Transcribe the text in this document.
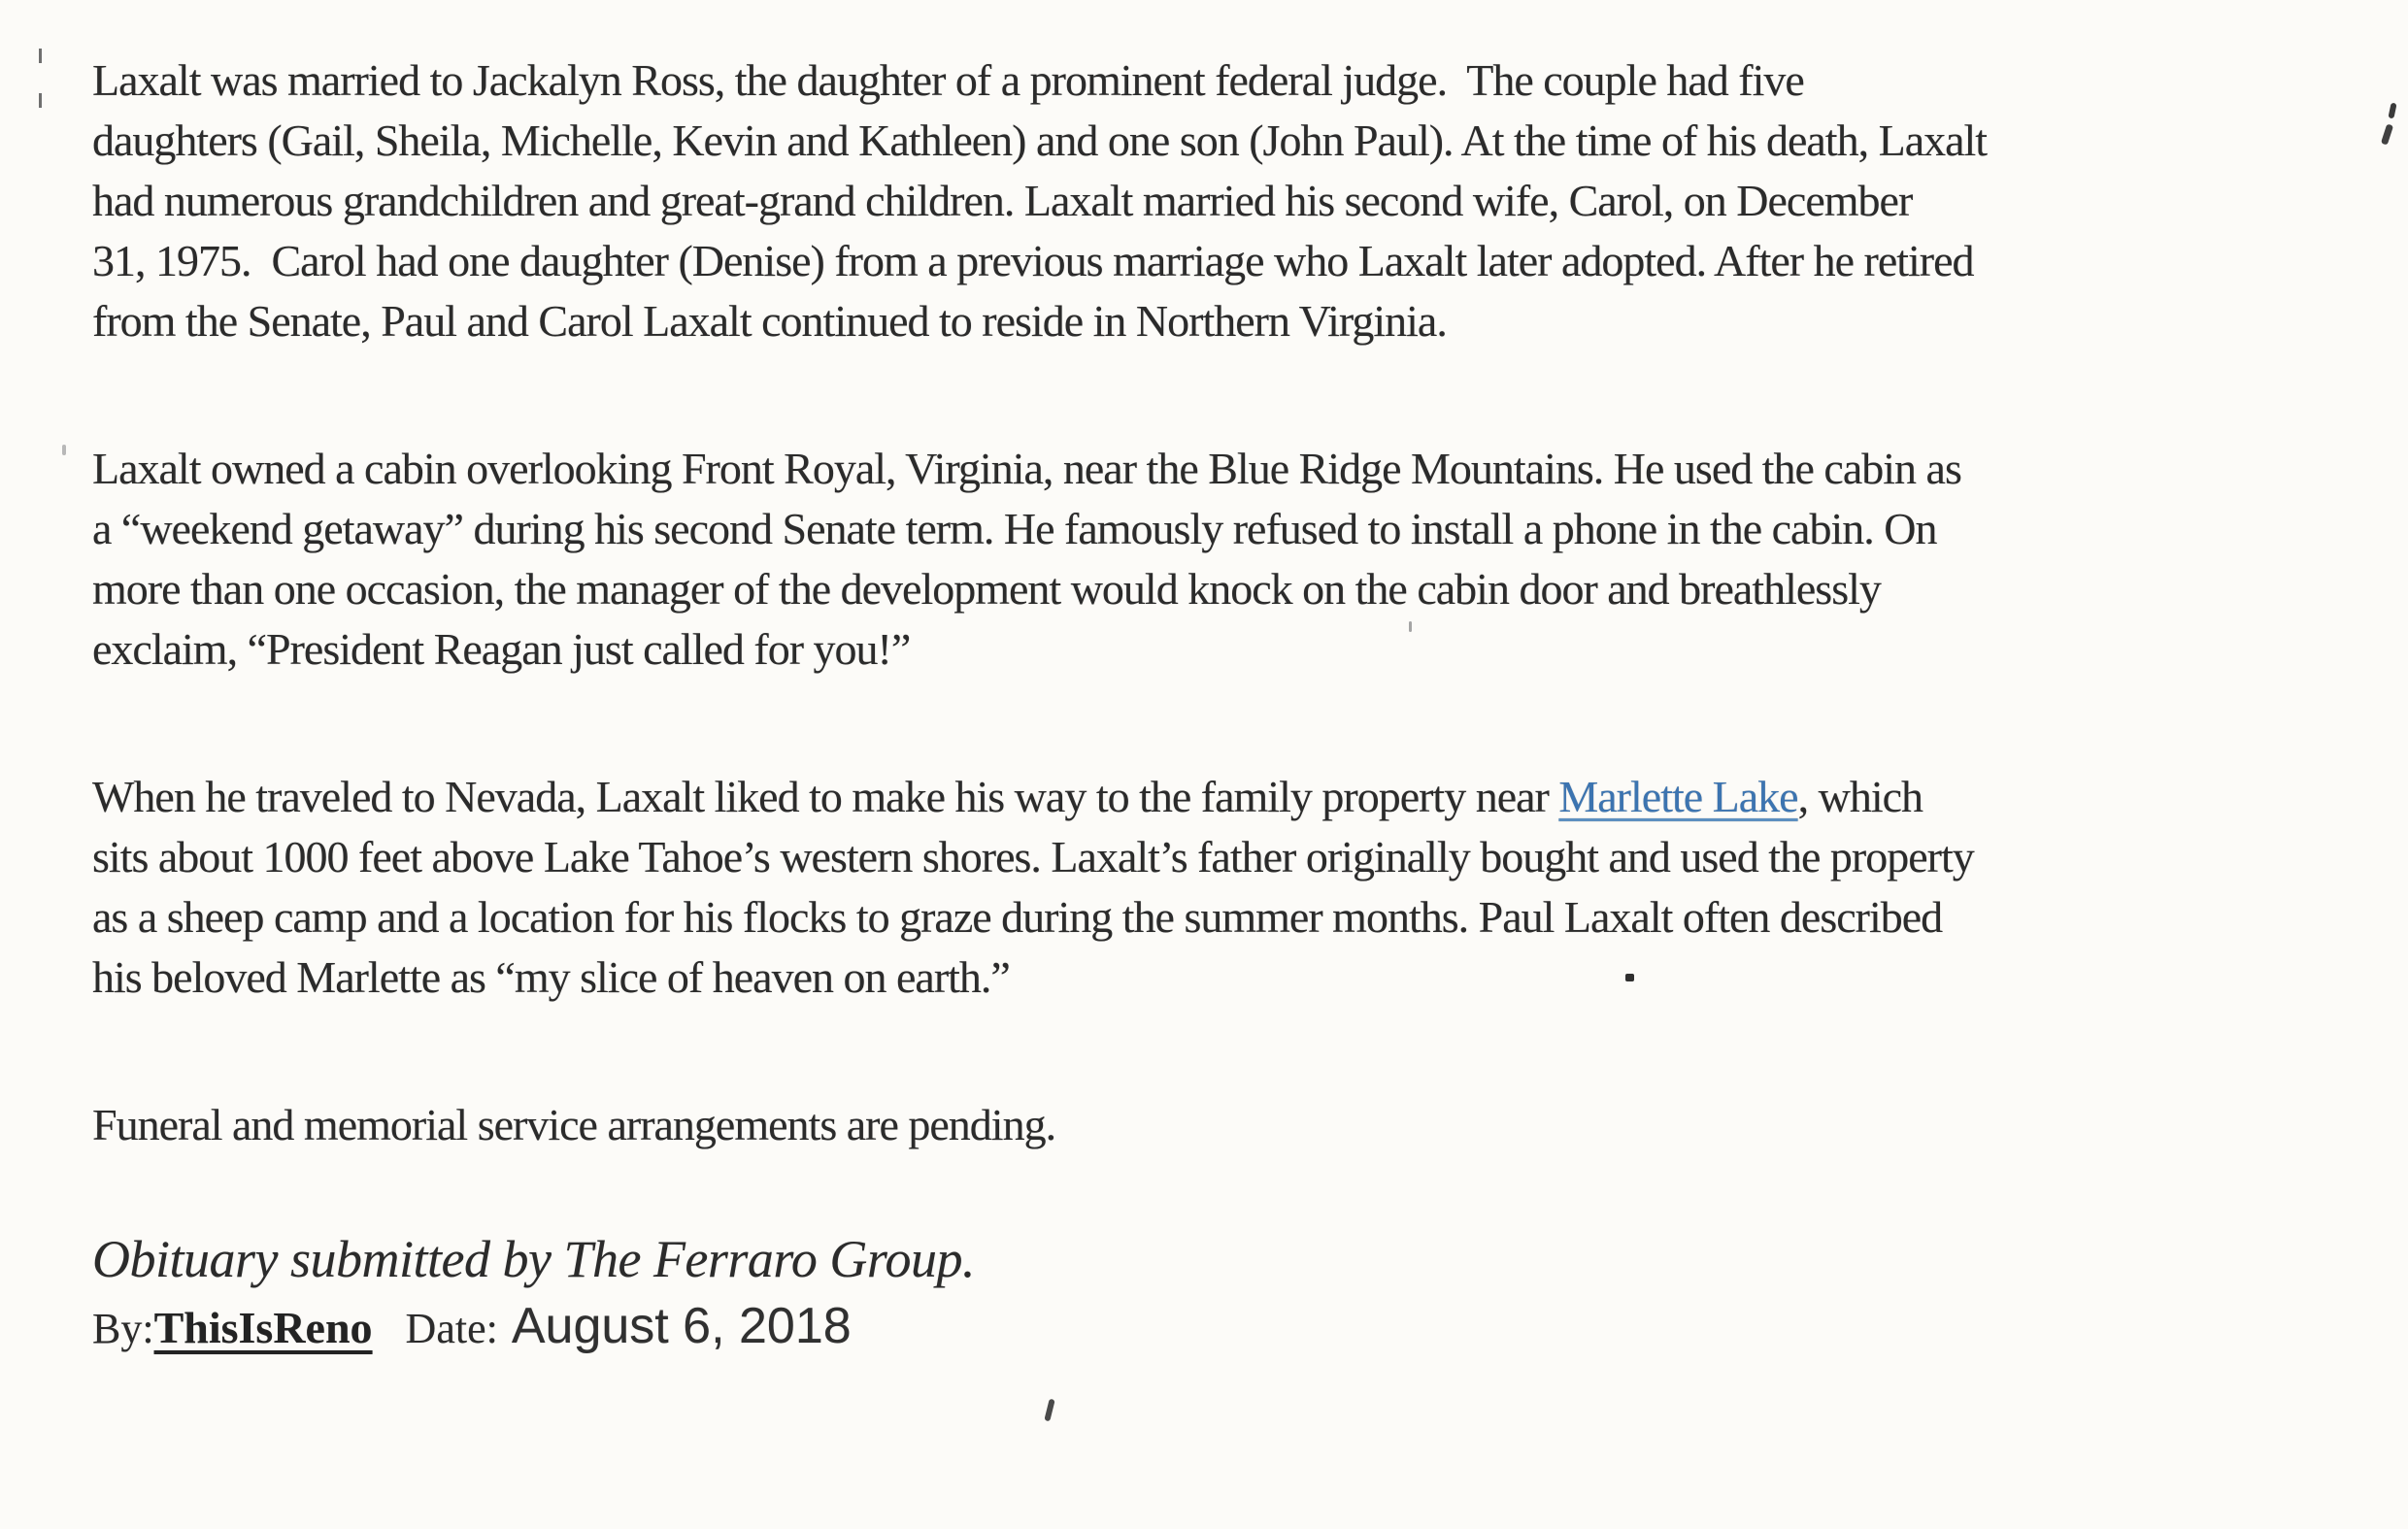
Laxalt was married to Jackalyn Ross, the daughter of a prominent federal judge.  The couple had five
daughters (Gail, Sheila, Michelle, Kevin and Kathleen) and one son (John Paul). At the time of his death, Laxalt
had numerous grandchildren and great-grand children. Laxalt married his second wife, Carol, on December
31, 1975.  Carol had one daughter (Denise) from a previous marriage who Laxalt later adopted. After he retired
from the Senate, Paul and Carol Laxalt continued to reside in Northern Virginia.
Laxalt owned a cabin overlooking Front Royal, Virginia, near the Blue Ridge Mountains. He used the cabin as
a “weekend getaway” during his second Senate term. He famously refused to install a phone in the cabin. On
more than one occasion, the manager of the development would knock on the cabin door and breathlessly
exclaim, “President Reagan just called for you!”
When he traveled to Nevada, Laxalt liked to make his way to the family property near Marlette Lake, which
sits about 1000 feet above Lake Tahoe’s western shores. Laxalt’s father originally bought and used the property
as a sheep camp and a location for his flocks to graze during the summer months. Paul Laxalt often described
his beloved Marlette as “my slice of heaven on earth.”
Funeral and memorial service arrangements are pending.
Obituary submitted by The Ferraro Group.
By:ThisIsReno Date: August 6, 2018
